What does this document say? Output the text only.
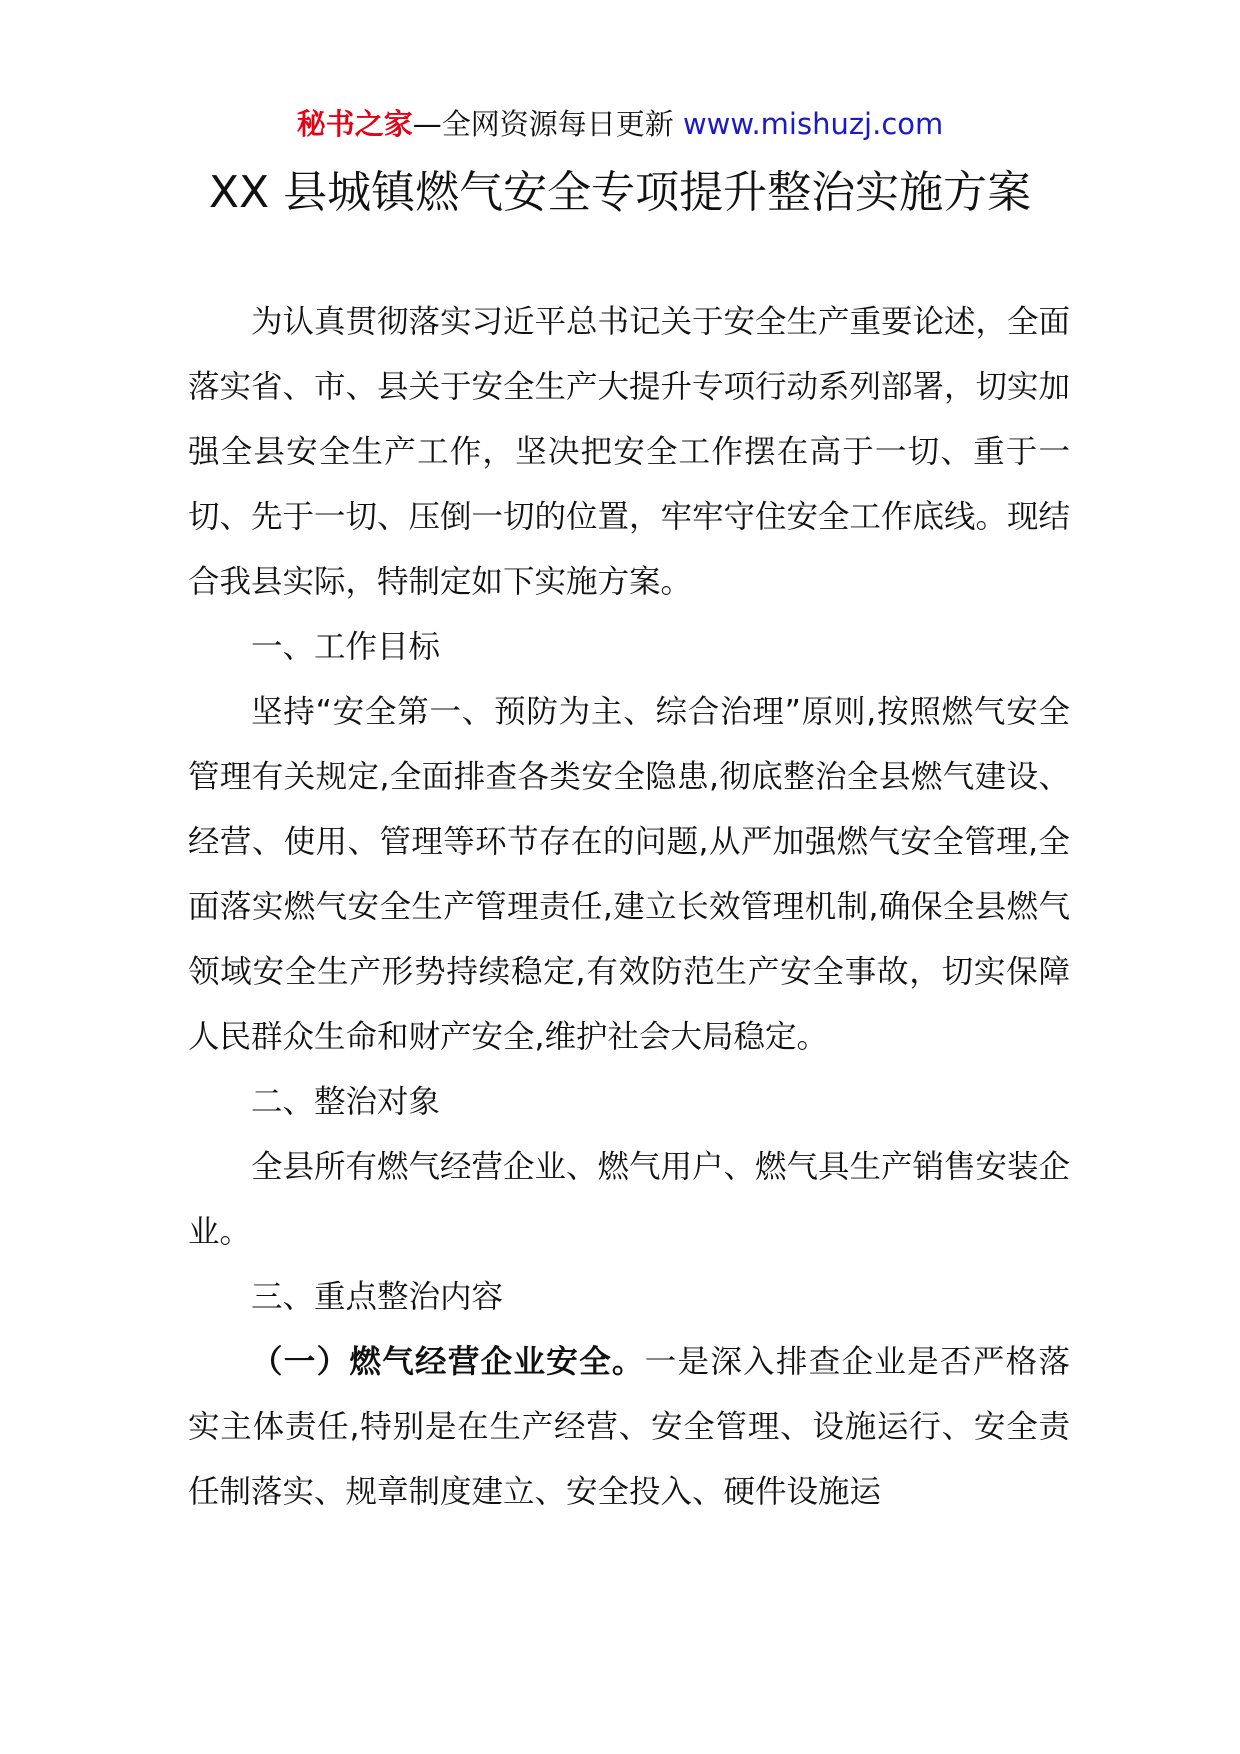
秘书之家—全网资源每日更新 www.mishuzj.com
XX 县城镇燃气安全专项提升整治实施方案

为认真贯彻落实习近平总书记关于安全生产重要论述，全面落实省、市、县关于安全生产大提升专项行动系列部署，切实加强全县安全生产工作，坚决把安全工作摆在高于一切、重于一切、先于一切、压倒一切的位置，牢牢守住安全工作底线。现结合我县实际，特制定如下实施方案。

一、工作目标

坚持“安全第一、预防为主、综合治理”原则,按照燃气安全管理有关规定,全面排查各类安全隐患,彻底整治全县燃气建设、经营、使用、管理等环节存在的问题,从严加强燃气安全管理,全面落实燃气安全生产管理责任,建立长效管理机制,确保全县燃气领域安全生产形势持续稳定,有效防范生产安全事故，切实保障人民群众生命和财产安全,维护社会大局稳定。

二、整治对象

全县所有燃气经营企业、燃气用户、燃气具生产销售安装企业。

三、重点整治内容

（一）燃气经营企业安全。一是深入排查企业是否严格落实主体责任,特别是在生产经营、安全管理、设施运行、安全责任制落实、规章制度建立、安全投入、硬件设施运
